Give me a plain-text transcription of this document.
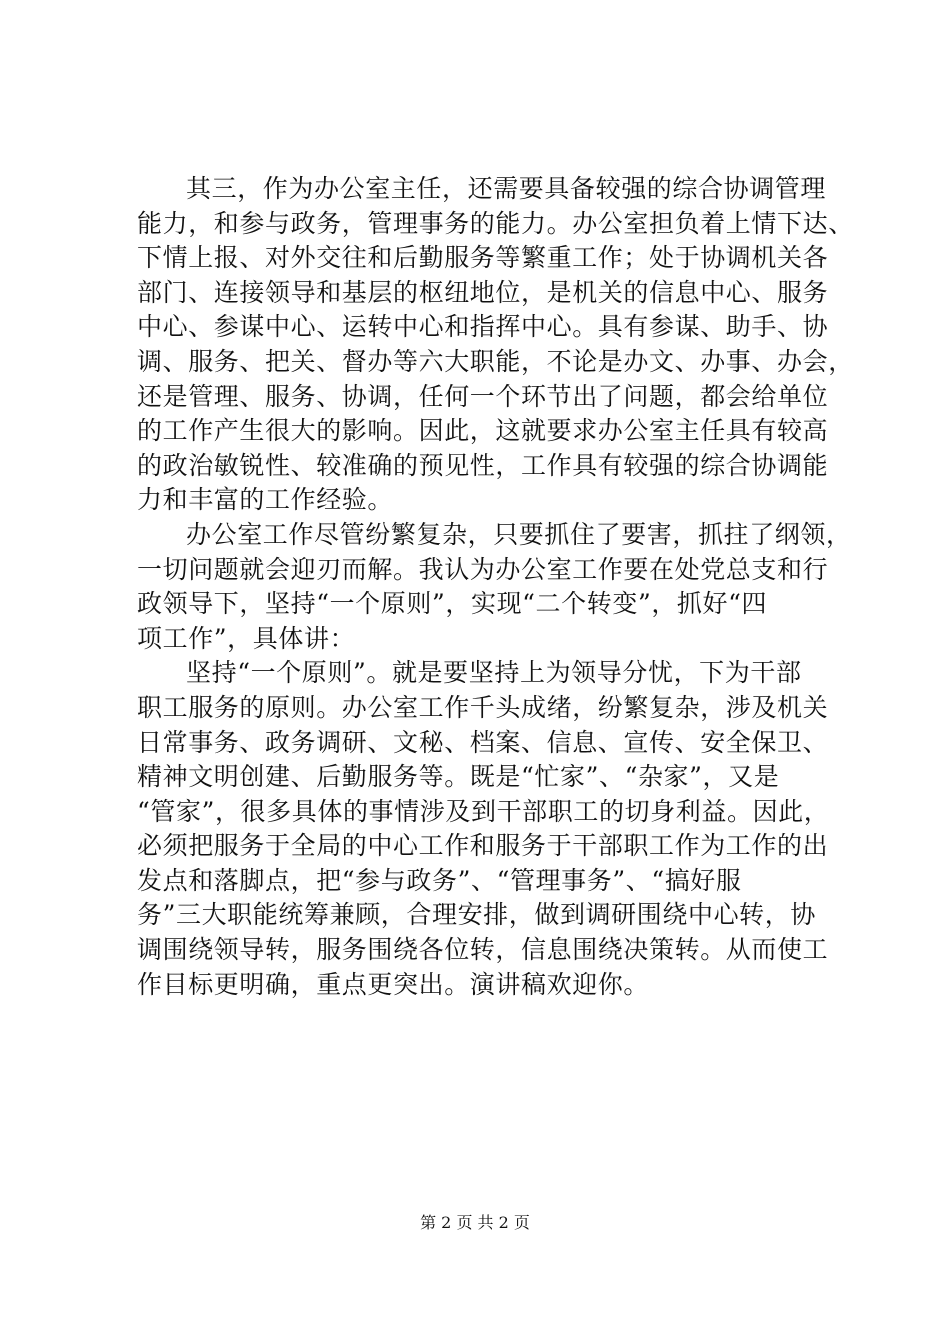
其三，作为办公室主任，还需要具备较强的综合协调管理
能力，和参与政务，管理事务的能力。办公室担负着上情下达、
下情上报、对外交往和后勤服务等繁重工作；处于协调机关各
部门、连接领导和基层的枢纽地位，是机关的信息中心、服务
中心、参谋中心、运转中心和指挥中心。具有参谋、助手、协
调、服务、把关、督办等六大职能，不论是办文、办事、办会，
还是管理、服务、协调，任何一个环节出了问题，都会给单位
的工作产生很大的影响。因此，这就要求办公室主任具有较高
的政治敏锐性、较准确的预见性，工作具有较强的综合协调能
力和丰富的工作经验。
办公室工作尽管纷繁复杂，只要抓住了要害，抓拄了纲领，
一切问题就会迎刃而解。我认为办公室工作要在处党总支和行
政领导下，坚持“一个原则”，实现“二个转变”，抓好“四
项工作”，具体讲：
坚持“一个原则”。就是要坚持上为领导分忧，下为干部
职工服务的原则。办公室工作千头成绪，纷繁复杂，涉及机关
日常事务、政务调研、文秘、档案、信息、宣传、安全保卫、
精神文明创建、后勤服务等。既是“忙家”、“杂家”，又是
“管家”，很多具体的事情涉及到干部职工的切身利益。因此，
必须把服务于全局的中心工作和服务于干部职工作为工作的出
发点和落脚点，把“参与政务”、“管理事务”、“搞好服
务”三大职能统筹兼顾，合理安排，做到调研围绕中心转，协
调围绕领导转，服务围绕各位转，信息围绕决策转。从而使工
作目标更明确，重点更突出。演讲稿欢迎你。
第 2 页 共 2 页
